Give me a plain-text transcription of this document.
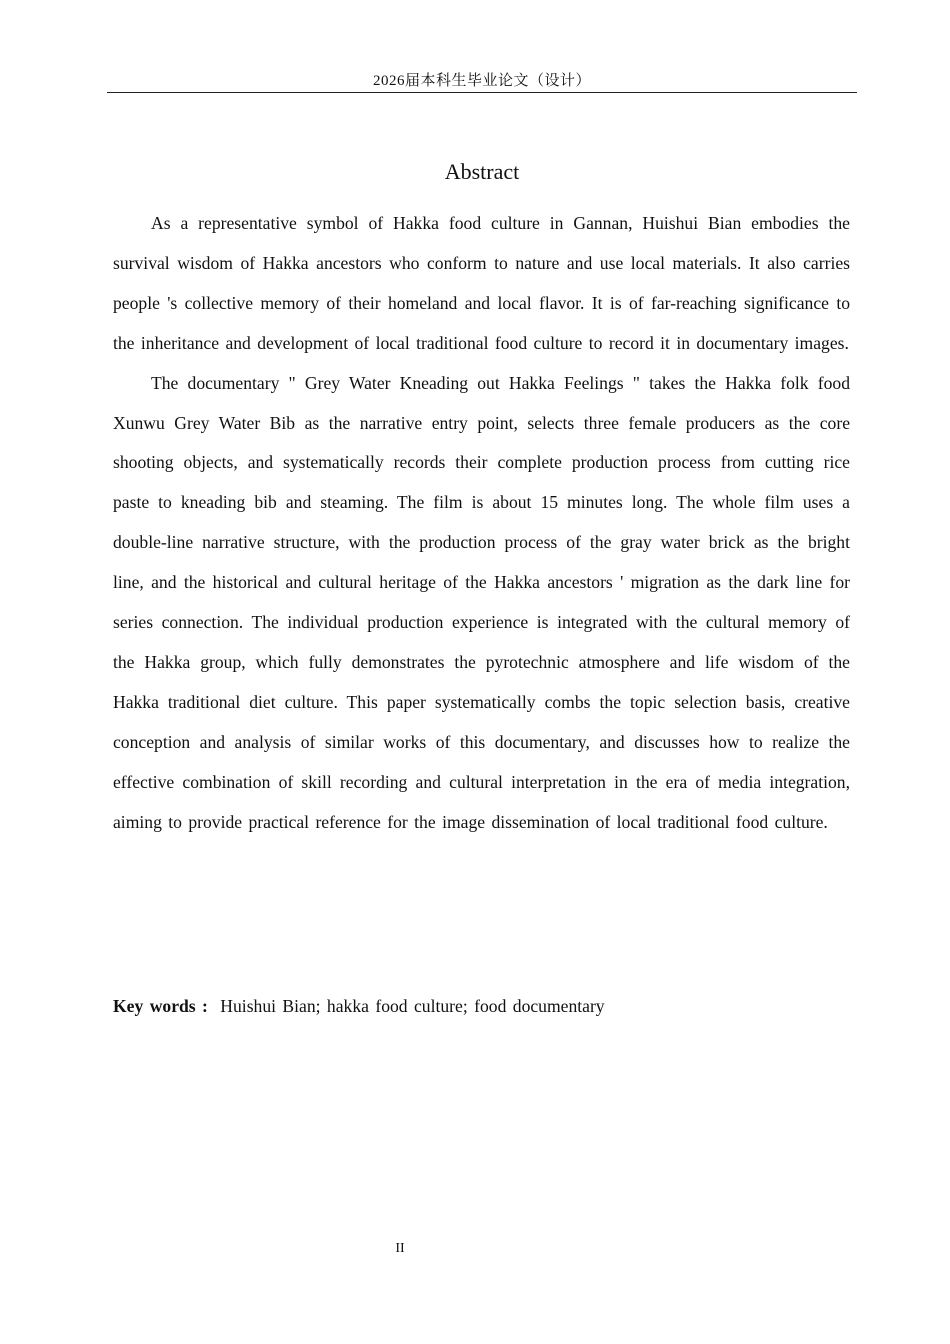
2026届本科生毕业论文（设计）
Abstract

As a representative symbol of Hakka food culture in Gannan, Huishui Bian embodies the survival wisdom of Hakka ancestors who conform to nature and use local materials. It also carries people 's collective memory of their homeland and local flavor. It is of far-reaching significance to the inheritance and development of local traditional food culture to record it in documentary images.

The documentary " Grey Water Kneading out Hakka Feelings " takes the Hakka folk food Xunwu Grey Water Bib as the narrative entry point, selects three female producers as the core shooting objects, and systematically records their complete production process from cutting rice paste to kneading bib and steaming. The film is about 15 minutes long. The whole film uses a double-line narrative structure, with the production process of the gray water brick as the bright line, and the historical and cultural heritage of the Hakka ancestors ' migration as the dark line for series connection. The individual production experience is integrated with the cultural memory of the Hakka group, which fully demonstrates the pyrotechnic atmosphere and life wisdom of the Hakka traditional diet culture. This paper systematically combs the topic selection basis, creative conception and analysis of similar works of this documentary, and discusses how to realize the effective combination of skill recording and cultural interpretation in the era of media integration, aiming to provide practical reference for the image dissemination of local traditional food culture.

Key words : Huishui Bian; hakka food culture; food documentary
II
